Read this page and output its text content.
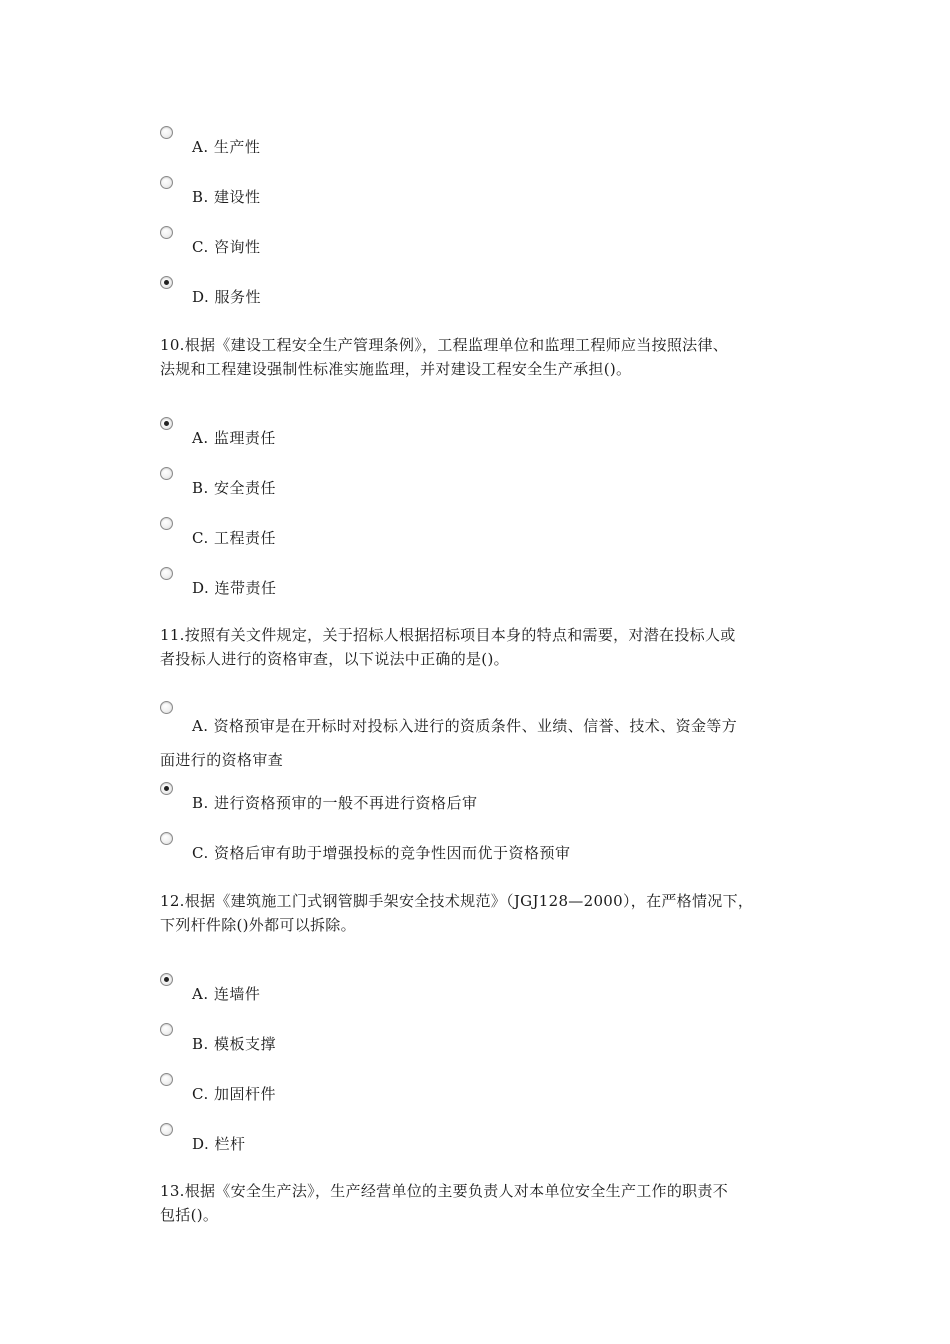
A. 生产性
B. 建设性
C. 咨询性
D. 服务性
10.根据《建设工程安全生产管理条例》，工程监理单位和监理工程师应当按照法律、
法规和工程建设强制性标准实施监理，并对建设工程安全生产承担()。
A. 监理责任
B. 安全责任
C. 工程责任
D. 连带责任
11.按照有关文件规定，关于招标人根据招标项目本身的特点和需要，对潜在投标人或
者投标人进行的资格审查，以下说法中正确的是()。
A. 资格预审是在开标时对投标入进行的资质条件、业绩、信誉、技术、资金等方
面进行的资格审查
B. 进行资格预审的一般不再进行资格后审
C. 资格后审有助于增强投标的竞争性因而优于资格预审
12.根据《建筑施工门式钢管脚手架安全技术规范》（JGJ128—2000），在严格情况下，
下列杆件除()外都可以拆除。
A. 连墙件
B. 模板支撑
C. 加固杆件
D. 栏杆
13.根据《安全生产法》，生产经营单位的主要负责人对本单位安全生产工作的职责不
包括()。
